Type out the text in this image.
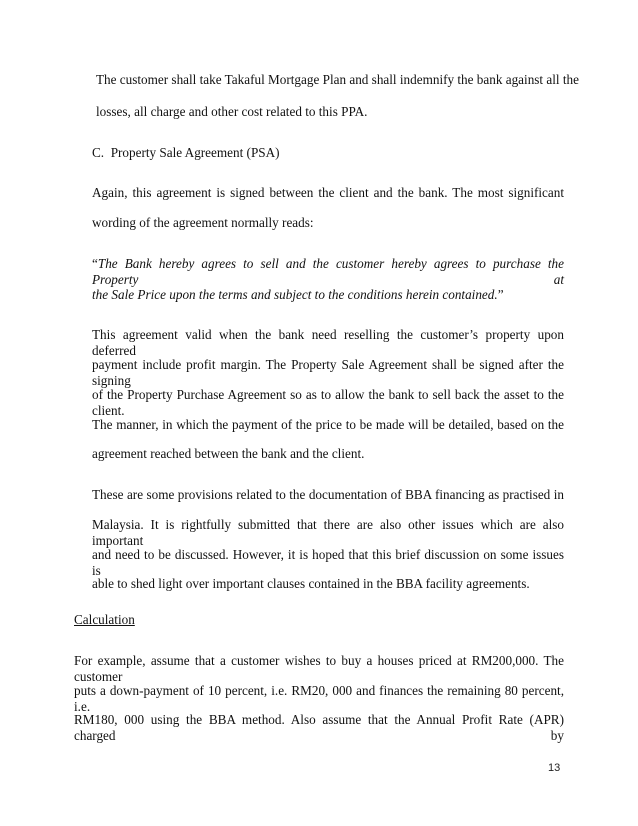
The customer shall take Takaful Mortgage Plan and shall indemnify the bank against all the

losses, all charge and other cost related to this PPA.

C. Property Sale Agreement (PSA)

Again, this agreement is signed between the client and the bank. The most significant

wording of the agreement normally reads:

“The Bank hereby agrees to sell and the customer hereby agrees to purchase the Property at

the Sale Price upon the terms and subject to the conditions herein contained.”

This agreement valid when the bank need reselling the customer’s property upon deferred

payment include profit margin. The Property Sale Agreement shall be signed after the signing

of the Property Purchase Agreement so as to allow the bank to sell back the asset to the client.

The manner, in which the payment of the price to be made will be detailed, based on the

agreement reached between the bank and the client.

These are some provisions related to the documentation of BBA financing as practised in

Malaysia. It is rightfully submitted that there are also other issues which are also important

and need to be discussed. However, it is hoped that this brief discussion on some issues is

able to shed light over important clauses contained in the BBA facility agreements.

Calculation

For example, assume that a customer wishes to buy a houses priced at RM200,000. The customer

puts a down-payment of 10 percent, i.e. RM20, 000 and finances the remaining 80 percent, i.e.

RM180, 000 using the BBA method. Also assume that the Annual Profit Rate (APR) charged by

13
